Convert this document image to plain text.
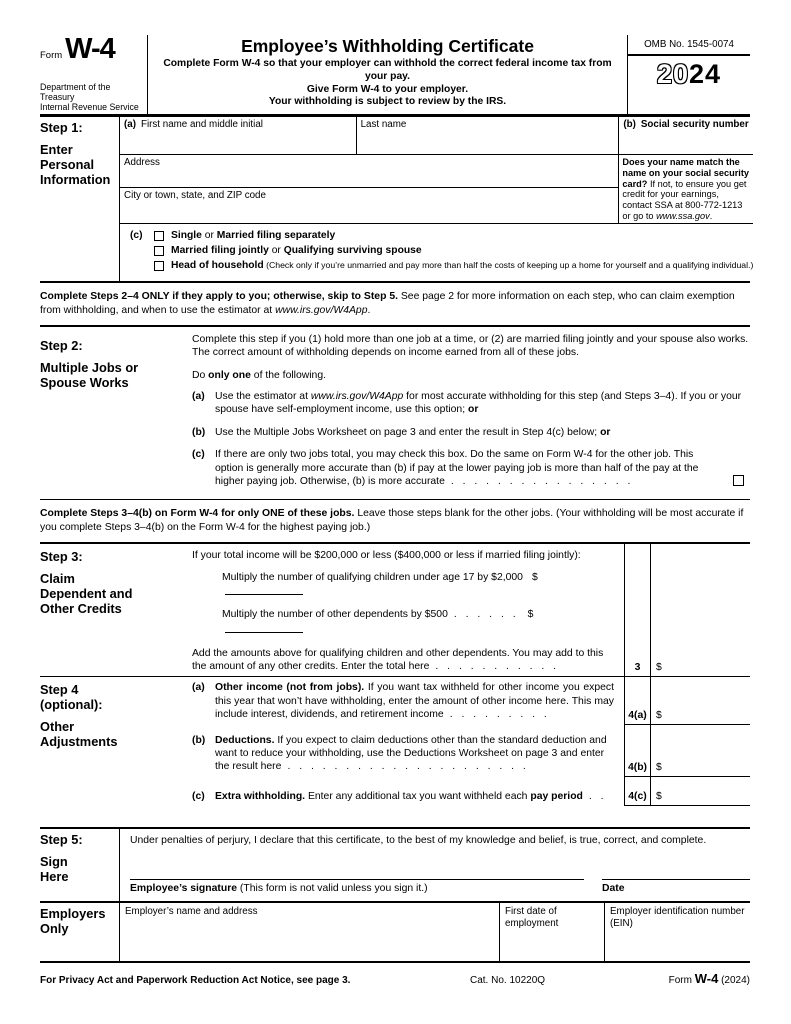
Form W-4
Department of the Treasury
Internal Revenue Service
Employee’s Withholding Certificate
Complete Form W-4 so that your employer can withhold the correct federal income tax from your pay.
Give Form W-4 to your employer.
Your withholding is subject to review by the IRS.
OMB No. 1545-0074
2024
Step 1:
Enter Personal Information
(a) First name and middle initial	Last name	(b) Social security number
Address
City or town, state, and ZIP code
Does your name match the name on your social security card? If not, to ensure you get credit for your earnings, contact SSA at 800-772-1213 or go to www.ssa.gov.
(c)	Single or Married filing separately
Married filing jointly or Qualifying surviving spouse
Head of household (Check only if you’re unmarried and pay more than half the costs of keeping up a home for yourself and a qualifying individual.)
Complete Steps 2–4 ONLY if they apply to you; otherwise, skip to Step 5. See page 2 for more information on each step, who can claim exemption from withholding, and when to use the estimator at www.irs.gov/W4App.
Step 2:
Multiple Jobs or Spouse Works
Complete this step if you (1) hold more than one job at a time, or (2) are married filing jointly and your spouse also works. The correct amount of withholding depends on income earned from all of these jobs.
Do only one of the following.
(a) Use the estimator at www.irs.gov/W4App for most accurate withholding for this step (and Steps 3–4). If you or your spouse have self-employment income, use this option; or
(b) Use the Multiple Jobs Worksheet on page 3 and enter the result in Step 4(c) below; or
(c) If there are only two jobs total, you may check this box. Do the same on Form W-4 for the other job. This option is generally more accurate than (b) if pay at the lower paying job is more than half of the pay at the higher paying job. Otherwise, (b) is more accurate . . . . . . . . . . . . . . . .
Complete Steps 3–4(b) on Form W-4 for only ONE of these jobs. Leave those steps blank for the other jobs. (Your withholding will be most accurate if you complete Steps 3–4(b) on the Form W-4 for the highest paying job.)
Step 3:
Claim Dependent and Other Credits
If your total income will be $200,000 or less ($400,000 or less if married filing jointly):
Multiply the number of qualifying children under age 17 by $2,000 $
Multiply the number of other dependents by $500 . . . . . . $
Add the amounts above for qualifying children and other dependents. You may add to this the amount of any other credits. Enter the total here . . . . . . . . . . .	3	$
Step 4 (optional):
Other Adjustments
(a) Other income (not from jobs). If you want tax withheld for other income you expect this year that won’t have withholding, enter the amount of other income here. This may include interest, dividends, and retirement income . . . . . . . . .	4(a) $
(b) Deductions. If you expect to claim deductions other than the standard deduction and want to reduce your withholding, use the Deductions Worksheet on page 3 and enter the result here . . . . . . . . . . . . . . . . . . . . .	4(b) $
(c) Extra withholding. Enter any additional tax you want withheld each pay period . .	4(c) $
Step 5:
Sign Here
Under penalties of perjury, I declare that this certificate, to the best of my knowledge and belief, is true, correct, and complete.
Employee’s signature (This form is not valid unless you sign it.)	Date
Employers Only
Employer’s name and address	First date of employment
Employer identification number (EIN)
For Privacy Act and Paperwork Reduction Act Notice, see page 3.	Cat. No. 10220Q	Form W-4 (2024)
